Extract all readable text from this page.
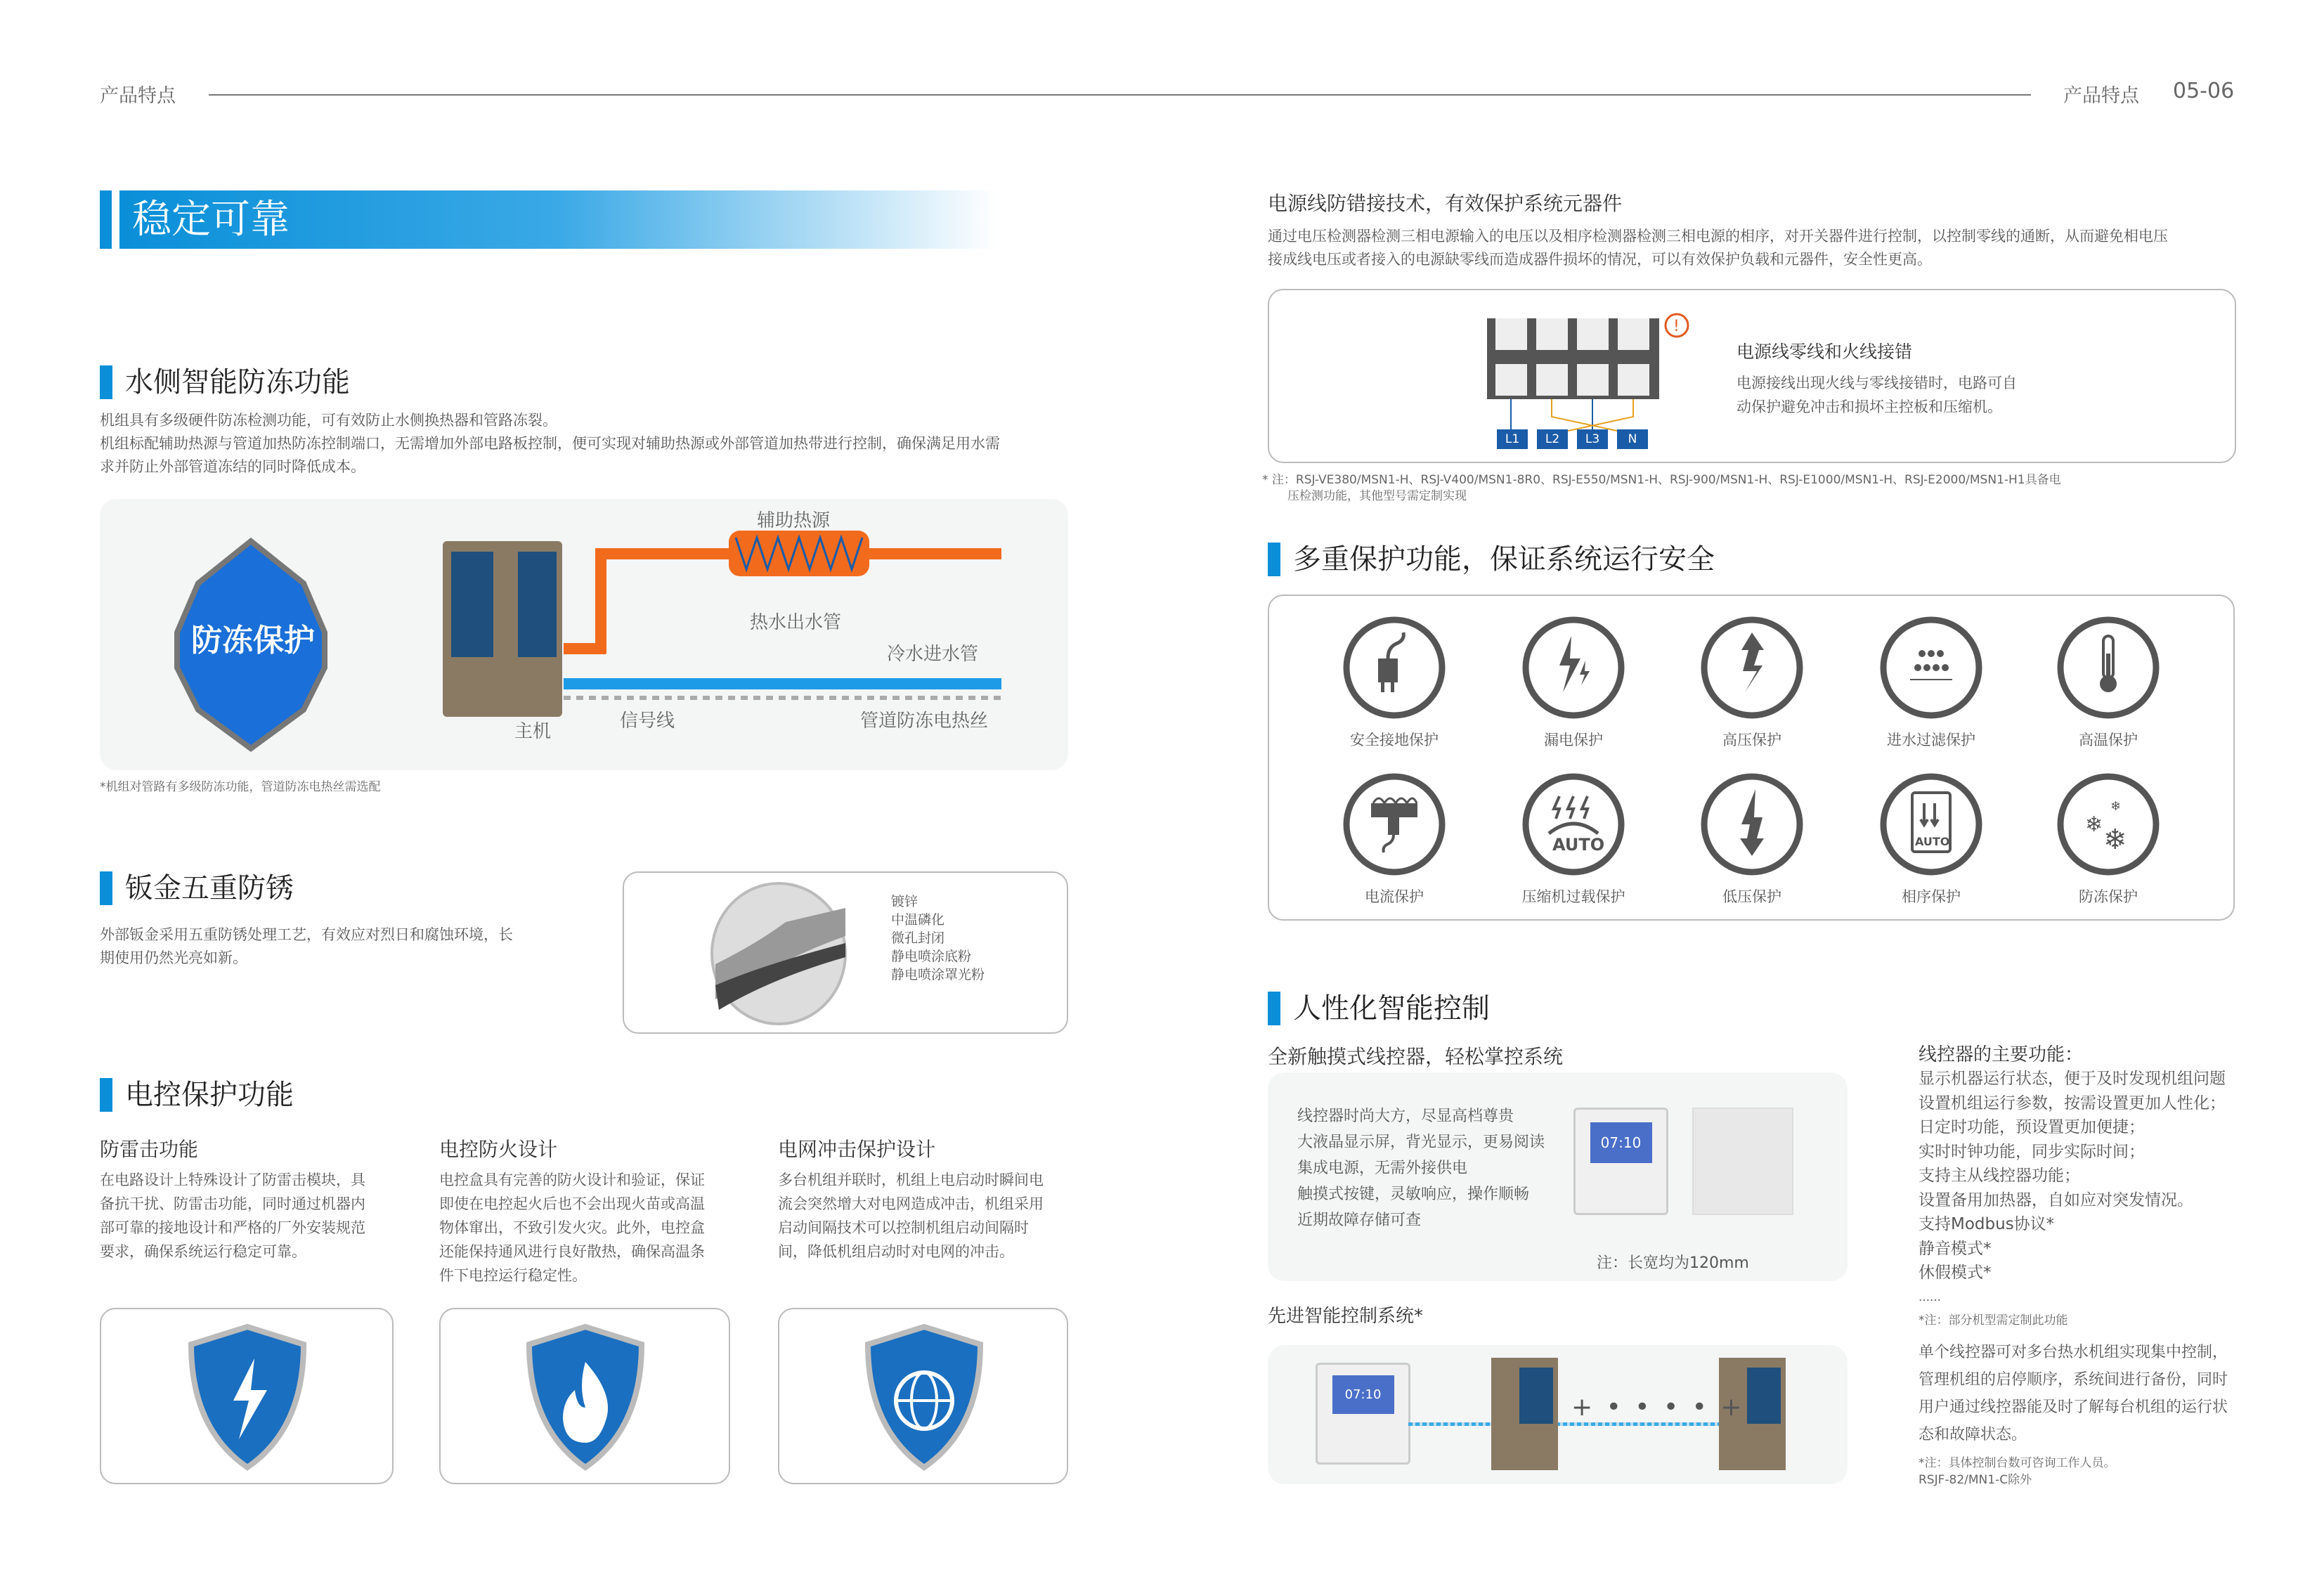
产品特点	产品特点 05-06
稳定可靠
水侧智能防冻功能
机组具有多级硬件防冻检测功能，可有效防止水侧换热器和管路冻裂。
机组标配辅助热源与管道加热防冻控制端口，无需增加外部电路板控制，便可实现对辅助热源或外部管道加热带进行控制，确保满足用水需
求并防止外部管道冻结的同时降低成本。
防冻保护
辅助热源
热水出水管
冷水进水管
主机	信号线	管道防冻电热丝
*机组对管路有多级防冻功能，管道防冻电热丝需选配
钣金五重防锈
外部钣金采用五重防锈处理工艺，有效应对烈日和腐蚀环境，长
期使用仍然光亮如新。
镀锌
中温磷化
微孔封闭
静电喷涂底粉
静电喷涂罩光粉
电控保护功能
防雷击功能
在电路设计上特殊设计了防雷击模块，具
备抗干扰、防雷击功能，同时通过机器内
部可靠的接地设计和严格的厂外安装规范
要求，确保系统运行稳定可靠。
电控防火设计
电控盒具有完善的防火设计和验证，保证
即使在电控起火后也不会出现火苗或高温
物体窜出，不致引发火灾。此外，电控盒
还能保持通风进行良好散热，确保高温条
件下电控运行稳定性。
电网冲击保护设计
多台机组并联时，机组上电启动时瞬间电
流会突然增大对电网造成冲击，机组采用
启动间隔技术可以控制机组启动间隔时
间，降低机组启动时对电网的冲击。
电源线防错接技术，有效保护系统元器件
通过电压检测器检测三相电源输入的电压以及相序检测器检测三相电源的相序，对开关器件进行控制，以控制零线的通断，从而避免相电压
接成线电压或者接入的电源缺零线而造成器件损坏的情况，可以有效保护负载和元器件，安全性更高。
!
L1 L2 L3 N
电源线零线和火线接错
电源接线出现火线与零线接错时，电路可自
动保护避免冲击和损坏主控板和压缩机。
* 注：RSJ-VE380/MSN1-H、RSJ-V400/MSN1-8R0、RSJ-E550/MSN1-H、RSJ-900/MSN1-H、RSJ-E1000/MSN1-H、RSJ-E2000/MSN1-H1具备电
压检测功能，其他型号需定制实现
多重保护功能，保证系统运行安全
安全接地保护	漏电保护	高压保护	进水过滤保护	高温保护
电流保护
AUTO
压缩机过载保护	低压保护
AUTO
相序保护
❄ ❄
❄
防冻保护
人性化智能控制
全新触摸式线控器，轻松掌控系统
线控器时尚大方，尽显高档尊贵
大液晶显示屏，背光显示，更易阅读
集成电源，无需外接供电
触摸式按键，灵敏响应，操作顺畅
近期故障存储可查
07:10
注：长宽均为120mm
先进智能控制系统*
07:10	+ • • • • +
线控器的主要功能：
显示机器运行状态，便于及时发现机组问题
设置机组运行参数，按需设置更加人性化；
日定时功能，预设置更加便捷；
实时时钟功能，同步实际时间；
支持主从线控器功能；
设置备用加热器，自如应对突发情况。
支持Modbus协议*
静音模式*
休假模式*
……
*注：部分机型需定制此功能
单个线控器可对多台热水机组实现集中控制，
管理机组的启停顺序，系统间进行备份，同时
用户通过线控器能及时了解每台机组的运行状
态和故障状态。
*注：具体控制台数可咨询工作人员。
RSJF-82/MN1-C除外
